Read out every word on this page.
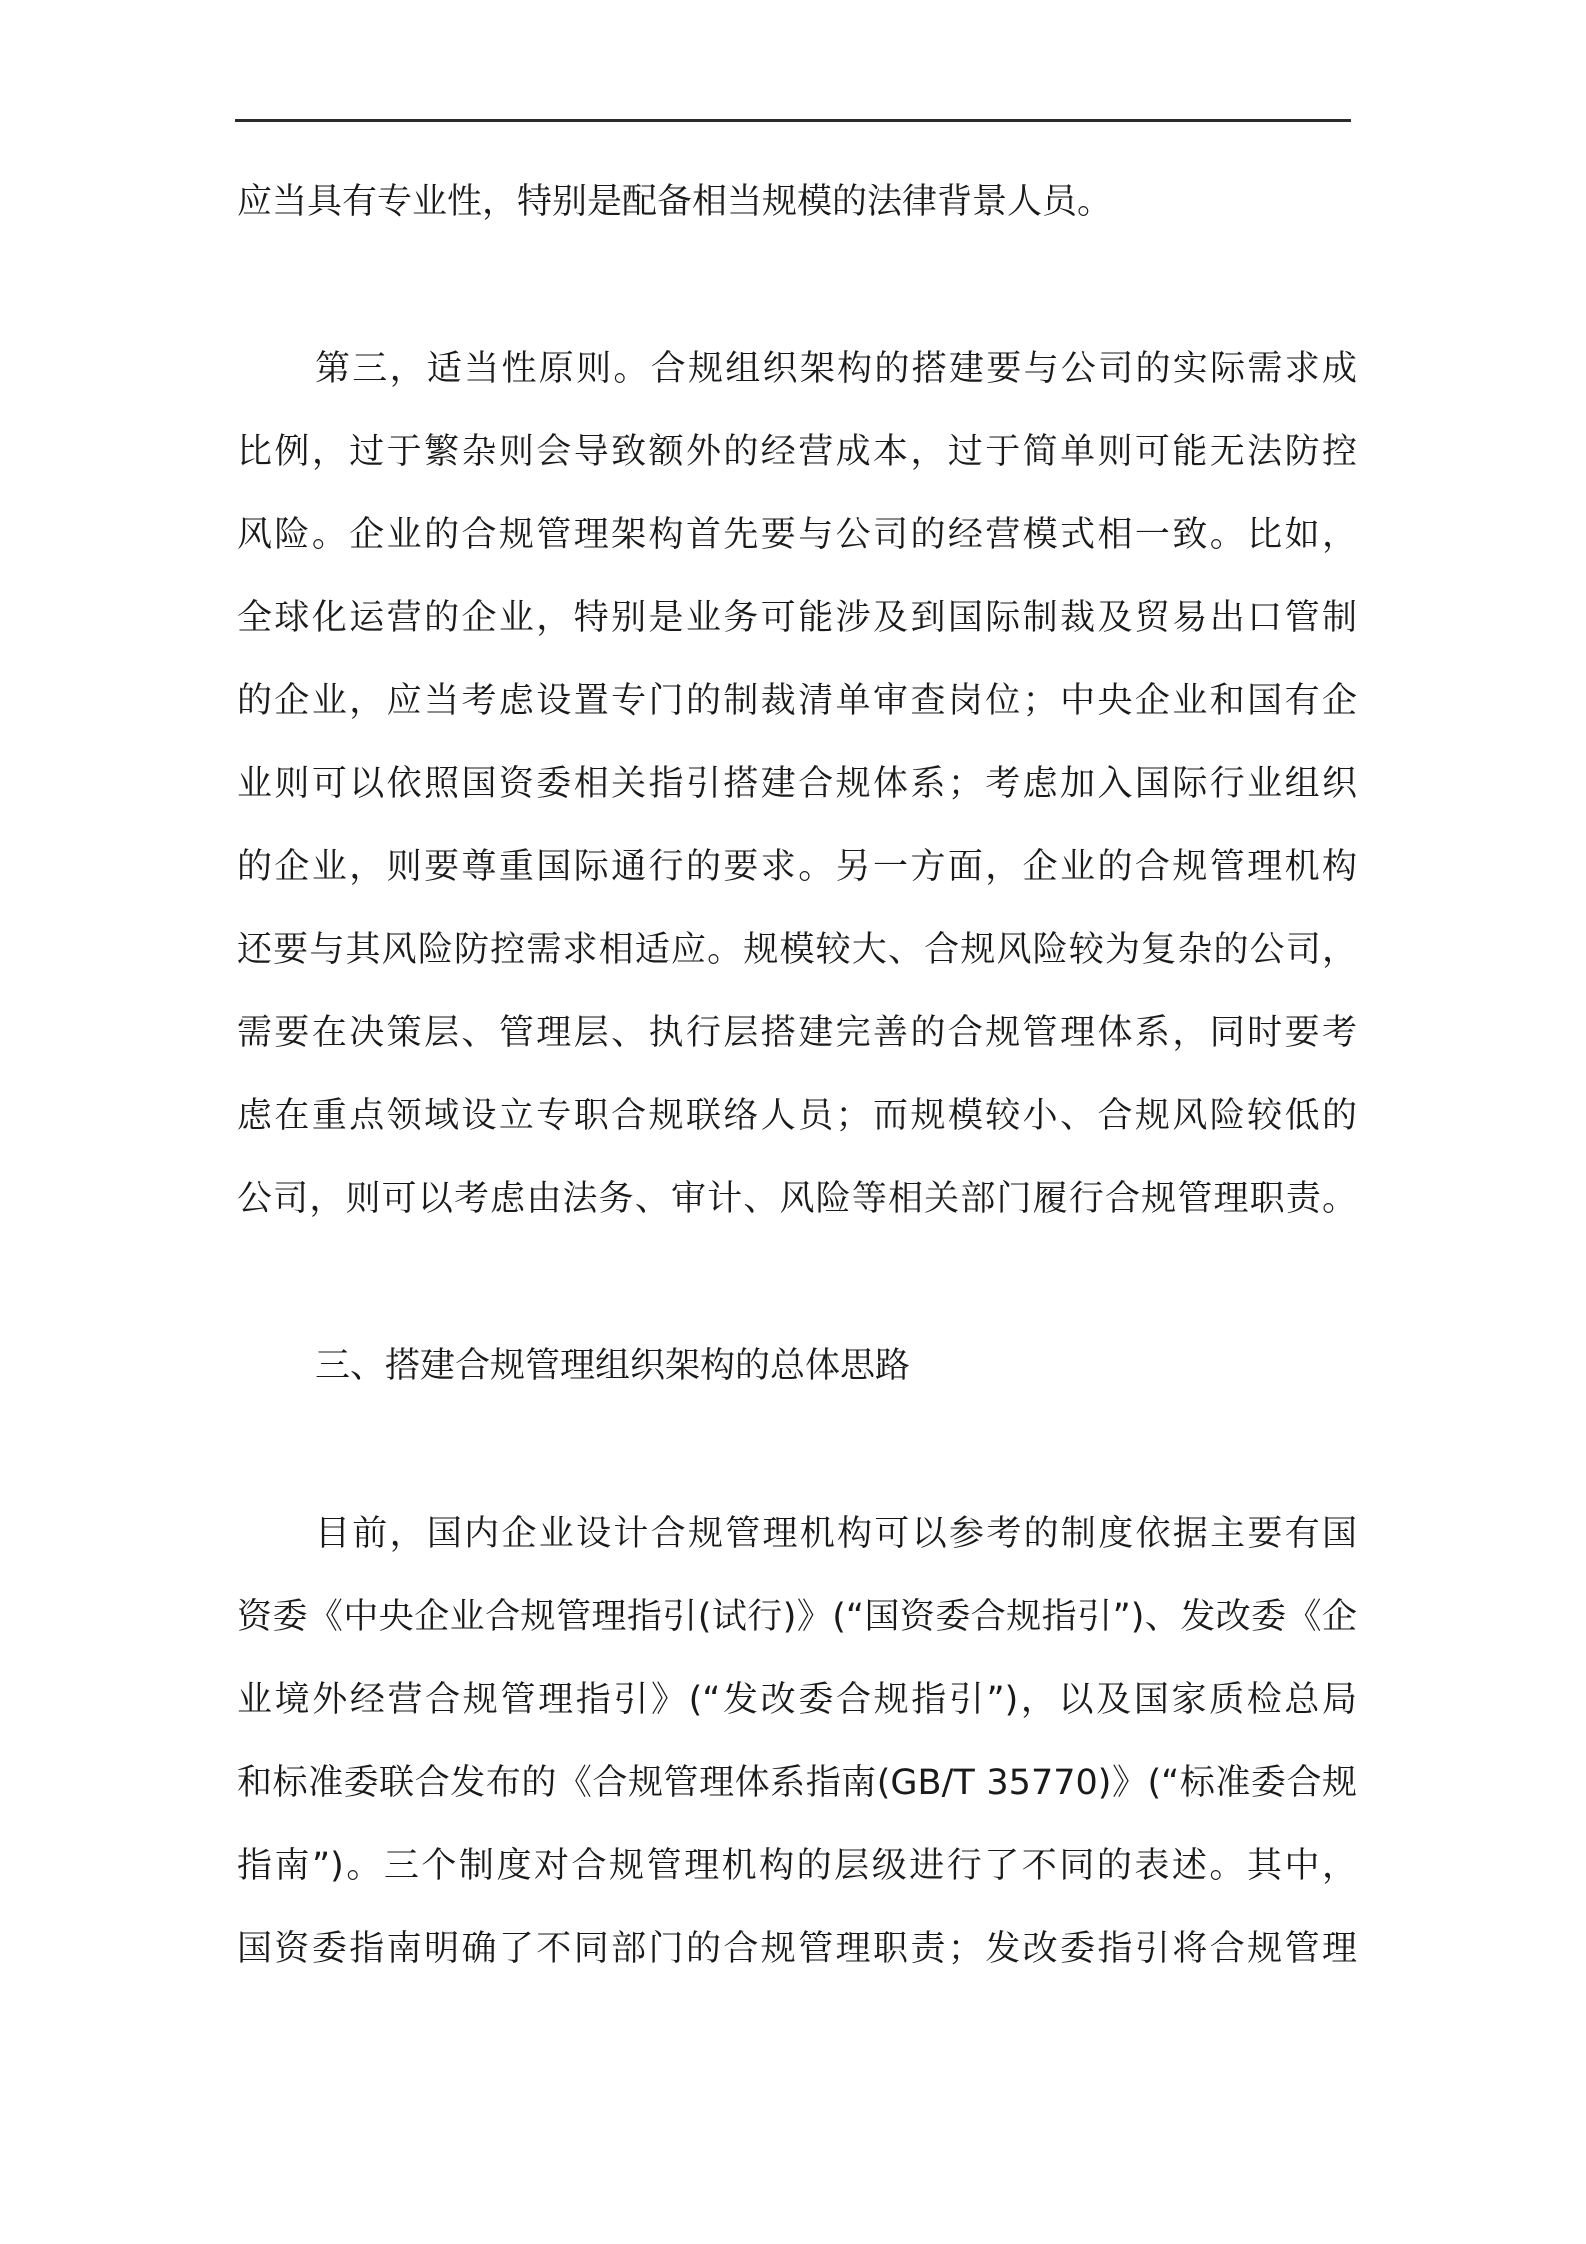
应当具有专业性，特别是配备相当规模的法律背景人员。
第三，适当性原则。合规组织架构的搭建要与公司的实际需求成
比例，过于繁杂则会导致额外的经营成本，过于简单则可能无法防控
风险。企业的合规管理架构首先要与公司的经营模式相一致。比如，
全球化运营的企业，特别是业务可能涉及到国际制裁及贸易出口管制
的企业，应当考虑设置专门的制裁清单审查岗位；中央企业和国有企
业则可以依照国资委相关指引搭建合规体系；考虑加入国际行业组织
的企业，则要尊重国际通行的要求。另一方面，企业的合规管理机构
还要与其风险防控需求相适应。规模较大、合规风险较为复杂的公司，
需要在决策层、管理层、执行层搭建完善的合规管理体系，同时要考
虑在重点领域设立专职合规联络人员；而规模较小、合规风险较低的
公司，则可以考虑由法务、审计、风险等相关部门履行合规管理职责。
三、搭建合规管理组织架构的总体思路
目前，国内企业设计合规管理机构可以参考的制度依据主要有国
资委《中央企业合规管理指引(试行)》(“国资委合规指引”)、发改委《企
业境外经营合规管理指引》(“发改委合规指引”)，以及国家质检总局
和标准委联合发布的《合规管理体系指南(GB/T 35770)》(“标准委合规
指南”)。三个制度对合规管理机构的层级进行了不同的表述。其中，
国资委指南明确了不同部门的合规管理职责；发改委指引将合规管理
